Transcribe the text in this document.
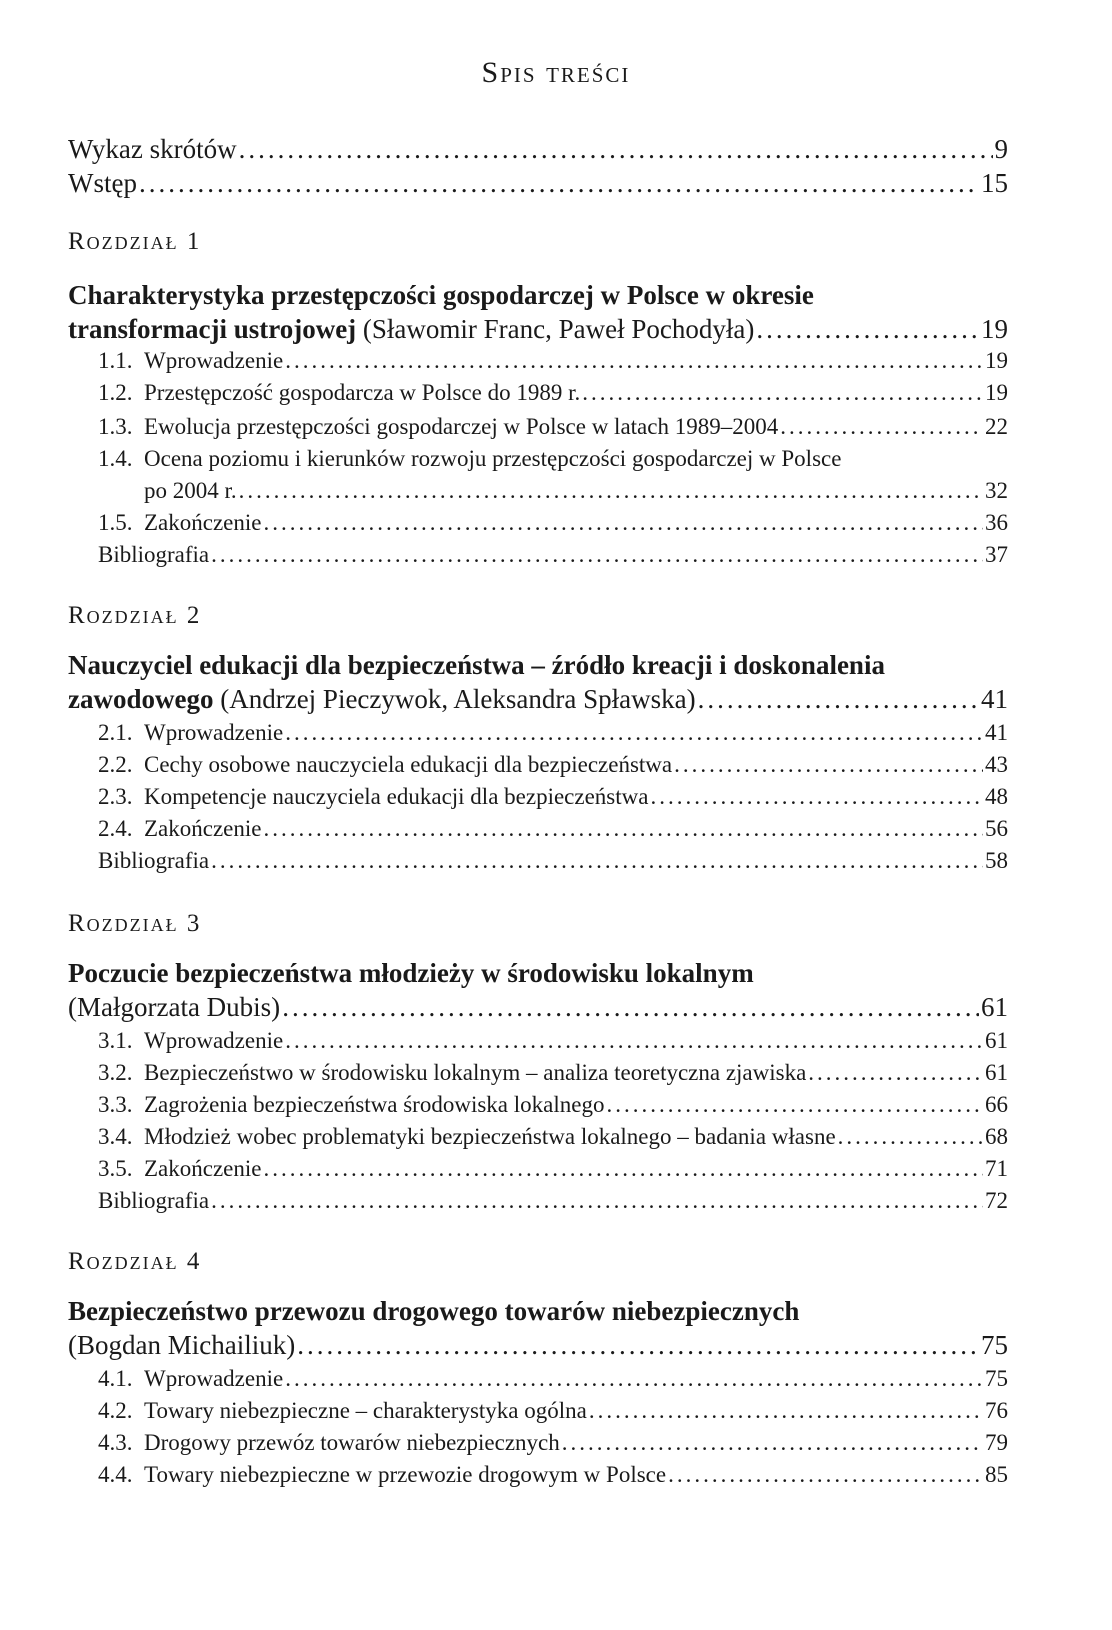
Spis treści
Wykaz skrótów .....	9
Wstęp .....	15
Rozdział 1
Charakterystyka przestępczości gospodarczej w Polsce w okresie
transformacji ustrojowej (Sławomir Franc, Paweł Pochodyła) .....	19
1.1. Wprowadzenie .....	19
1.2. Przestępczość gospodarcza w Polsce do 1989 r. .....	19
1.3. Ewolucja przestępczości gospodarczej w Polsce w latach 1989–2004 .....	22
1.4. Ocena poziomu i kierunków rozwoju przestępczości gospodarczej w Polsce
po 2004 r. .....	32
1.5. Zakończenie .....	36
Bibliografia .....	37
Rozdział 2
Nauczyciel edukacji dla bezpieczeństwa – źródło kreacji i doskonalenia
zawodowego (Andrzej Pieczywok, Aleksandra Spławska) .....	41
2.1. Wprowadzenie .....	41
2.2. Cechy osobowe nauczyciela edukacji dla bezpieczeństwa .....	43
2.3. Kompetencje nauczyciela edukacji dla bezpieczeństwa .....	48
2.4. Zakończenie .....	56
Bibliografia .....	58
Rozdział 3
Poczucie bezpieczeństwa młodzieży w środowisku lokalnym
(Małgorzata Dubis) .....	61
3.1. Wprowadzenie .....	61
3.2. Bezpieczeństwo w środowisku lokalnym – analiza teoretyczna zjawiska .....	61
3.3. Zagrożenia bezpieczeństwa środowiska lokalnego .....	66
3.4. Młodzież wobec problematyki bezpieczeństwa lokalnego – badania własne .....	68
3.5. Zakończenie .....	71
Bibliografia .....	72
Rozdział 4
Bezpieczeństwo przewozu drogowego towarów niebezpiecznych
(Bogdan Michailiuk) .....	75
4.1. Wprowadzenie .....	75
4.2. Towary niebezpieczne – charakterystyka ogólna .....	76
4.3. Drogowy przewóz towarów niebezpiecznych .....	79
4.4. Towary niebezpieczne w przewozie drogowym w Polsce .....	85
